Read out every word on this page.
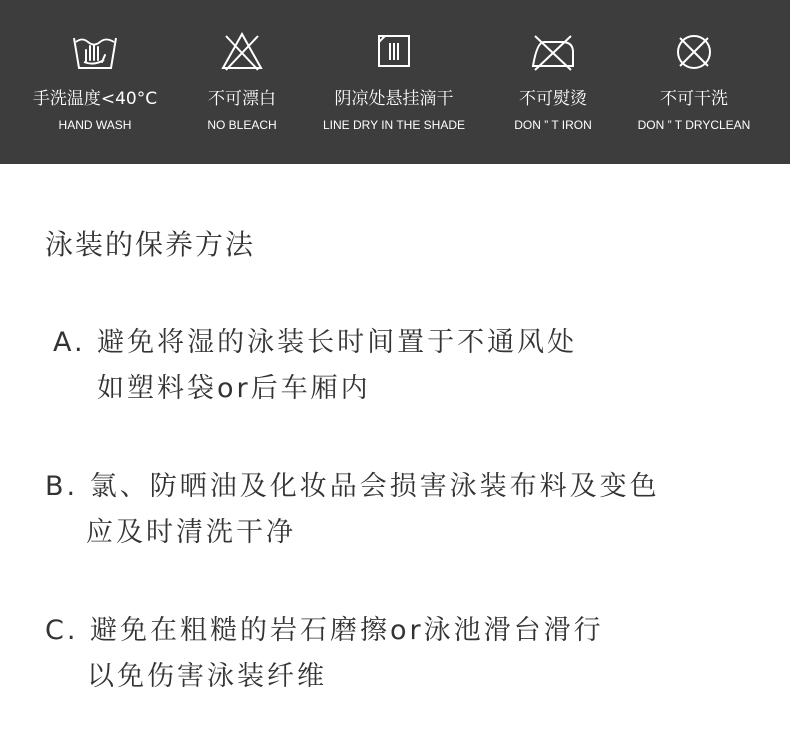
手洗温度<40°C
HAND WASH
不可漂白
NO BLEACH
阴凉处悬挂滴干
LINE DRY IN THE SHADE
不可熨烫
DON ” T IRON
不可干洗
DON ” T DRYCLEAN
泳装的保养方法
A. 避免将湿的泳装长时间置于不通风处
如塑料袋or后车厢内
B. 氯、防晒油及化妆品会损害泳装布料及变色
应及时清洗干净
C. 避免在粗糙的岩石磨擦or泳池滑台滑行
以免伤害泳装纤维
